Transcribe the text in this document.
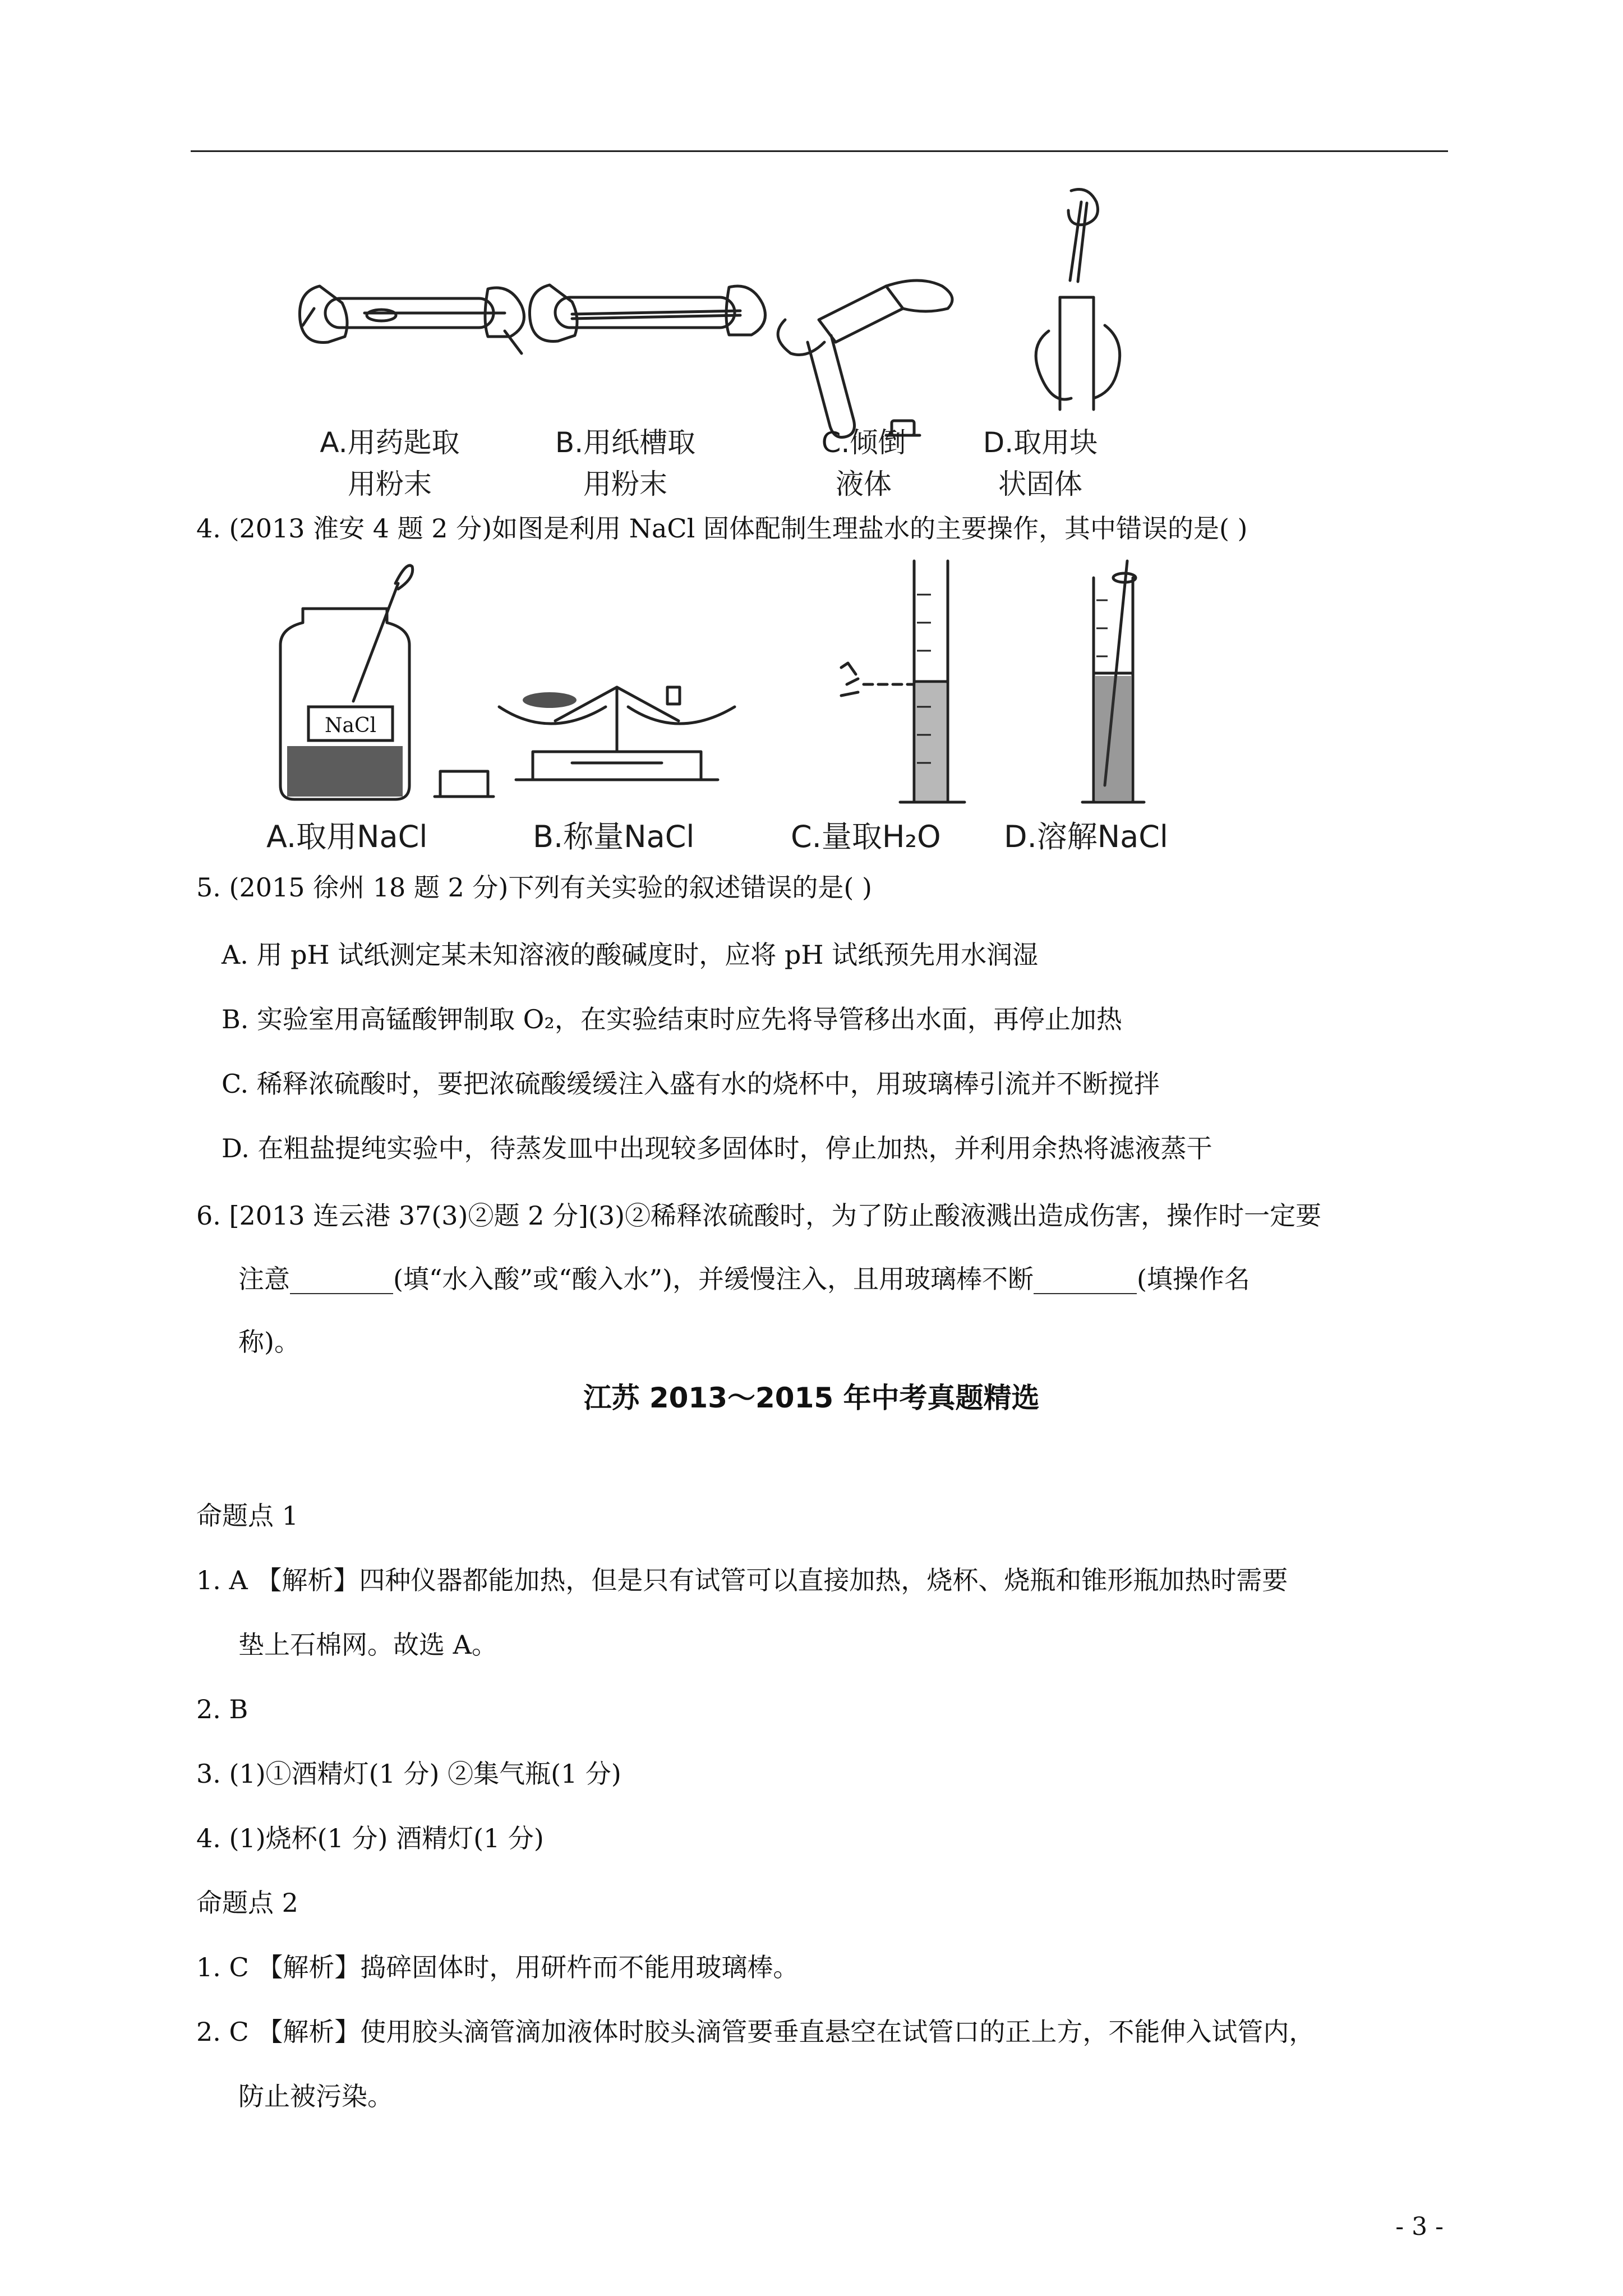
A.用药匙取
用粉末
B.用纸槽取
用粉末
C.倾倒
液体
D.取用块
状固体
4. (2013 淮安 4 题 2 分)如图是利用 NaCl 固体配制生理盐水的主要操作，其中错误的是( )
NaCl
A.取用NaCl	B.称量NaCl	C.量取H₂O D.溶解NaCl
5. (2015 徐州 18 题 2 分)下列有关实验的叙述错误的是( )
A. 用 pH 试纸测定某未知溶液的酸碱度时，应将 pH 试纸预先用水润湿
B. 实验室用高锰酸钾制取 O₂，在实验结束时应先将导管移出水面，再停止加热
C. 稀释浓硫酸时，要把浓硫酸缓缓注入盛有水的烧杯中，用玻璃棒引流并不断搅拌
D. 在粗盐提纯实验中，待蒸发皿中出现较多固体时，停止加热，并利用余热将滤液蒸干
6. [2013 连云港 37(3)②题 2 分](3)②稀释浓硫酸时，为了防止酸液溅出造成伤害，操作时一定要
注意________(填“水入酸”或“酸入水”)，并缓慢注入，且用玻璃棒不断________(填操作名
称)。
江苏 2013～2015 年中考真题精选
命题点 1
1. A 【解析】四种仪器都能加热，但是只有试管可以直接加热，烧杯、烧瓶和锥形瓶加热时需要
垫上石棉网。故选 A。
2. B
3. (1)①酒精灯(1 分) ②集气瓶(1 分)
4. (1)烧杯(1 分) 酒精灯(1 分)
命题点 2
1. C 【解析】捣碎固体时，用研杵而不能用玻璃棒。
2. C 【解析】使用胶头滴管滴加液体时胶头滴管要垂直悬空在试管口的正上方，不能伸入试管内，
防止被污染。
- 3 -
